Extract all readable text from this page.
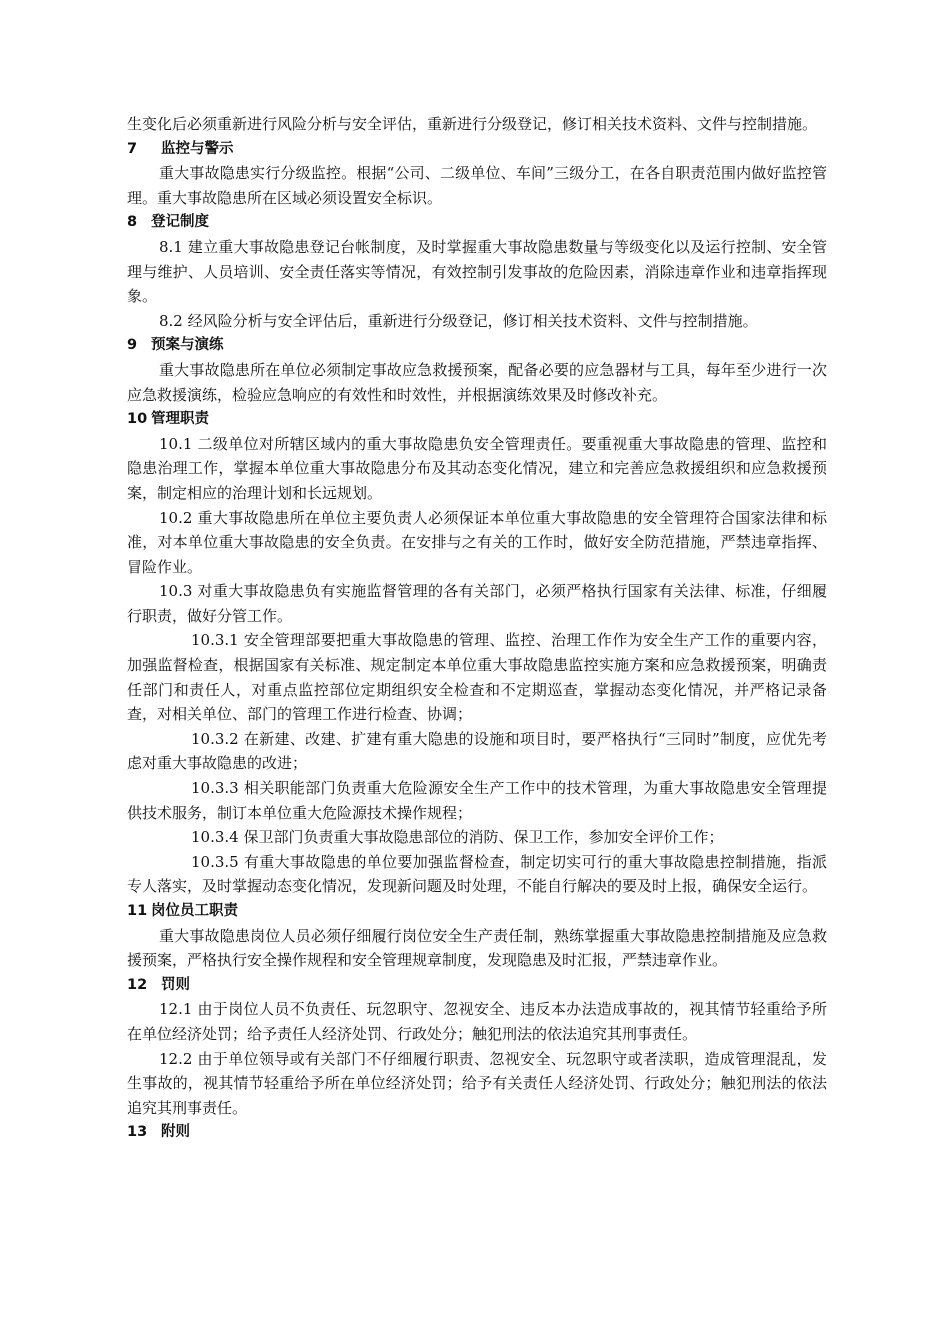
生变化后必须重新进行风险分析与安全评估，重新进行分级登记，修订相关技术资料、文件与控制措施。

7 监控与警示

重大事故隐患实行分级监控。根据“公司、二级单位、车间”三级分工，在各自职责范围内做好监控管理。重大事故隐患所在区域必须设置安全标识。

8 登记制度

8.1 建立重大事故隐患登记台帐制度，及时掌握重大事故隐患数量与等级变化以及运行控制、安全管理与维护、人员培训、安全责任落实等情况，有效控制引发事故的危险因素，消除违章作业和违章指挥现象。

8.2 经风险分析与安全评估后，重新进行分级登记，修订相关技术资料、文件与控制措施。

9 预案与演练

重大事故隐患所在单位必须制定事故应急救援预案，配备必要的应急器材与工具，每年至少进行一次应急救援演练，检验应急响应的有效性和时效性，并根据演练效果及时修改补充。

10 管理职责

10.1 二级单位对所辖区域内的重大事故隐患负安全管理责任。要重视重大事故隐患的管理、监控和隐患治理工作，掌握本单位重大事故隐患分布及其动态变化情况，建立和完善应急救援组织和应急救援预案，制定相应的治理计划和长远规划。

10.2 重大事故隐患所在单位主要负责人必须保证本单位重大事故隐患的安全管理符合国家法律和标准，对本单位重大事故隐患的安全负责。在安排与之有关的工作时，做好安全防范措施，严禁违章指挥、冒险作业。

10.3 对重大事故隐患负有实施监督管理的各有关部门，必须严格执行国家有关法律、标准，仔细履行职责，做好分管工作。

10.3.1 安全管理部要把重大事故隐患的管理、监控、治理工作作为安全生产工作的重要内容，加强监督检查，根据国家有关标准、规定制定本单位重大事故隐患监控实施方案和应急救援预案，明确责任部门和责任人，对重点监控部位定期组织安全检查和不定期巡查，掌握动态变化情况，并严格记录备查，对相关单位、部门的管理工作进行检查、协调；

10.3.2 在新建、改建、扩建有重大隐患的设施和项目时，要严格执行“三同时”制度，应优先考虑对重大事故隐患的改进；

10.3.3 相关职能部门负责重大危险源安全生产工作中的技术管理，为重大事故隐患安全管理提供技术服务，制订本单位重大危险源技术操作规程；

10.3.4 保卫部门负责重大事故隐患部位的消防、保卫工作，参加安全评价工作；

10.3.5 有重大事故隐患的单位要加强监督检查，制定切实可行的重大事故隐患控制措施，指派专人落实，及时掌握动态变化情况，发现新问题及时处理，不能自行解决的要及时上报，确保安全运行。

11 岗位员工职责

重大事故隐患岗位人员必须仔细履行岗位安全生产责任制，熟练掌握重大事故隐患控制措施及应急救援预案，严格执行安全操作规程和安全管理规章制度，发现隐患及时汇报，严禁违章作业。

12 罚则

12.1 由于岗位人员不负责任、玩忽职守、忽视安全、违反本办法造成事故的，视其情节轻重给予所在单位经济处罚；给予责任人经济处罚、行政处分；触犯刑法的依法追究其刑事责任。

12.2 由于单位领导或有关部门不仔细履行职责、忽视安全、玩忽职守或者渎职，造成管理混乱，发生事故的，视其情节轻重给予所在单位经济处罚；给予有关责任人经济处罚、行政处分；触犯刑法的依法追究其刑事责任。

13 附则
